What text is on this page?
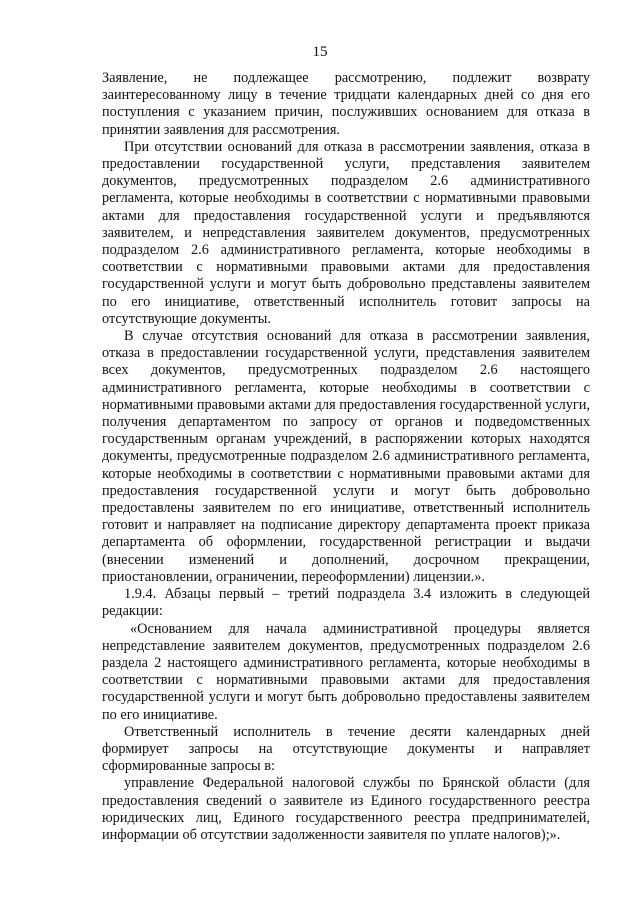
15

Заявление, не подлежащее рассмотрению, подлежит возврату заинтересованному лицу в течение тридцати календарных дней со дня его поступления с указанием причин, послуживших основанием для отказа в принятии заявления для рассмотрения.

При отсутствии оснований для отказа в рассмотрении заявления, отказа в предоставлении государственной услуги, представления заявителем документов, предусмотренных подразделом 2.6 административного регламента, которые необходимы в соответствии с нормативными правовыми актами для предоставления государственной услуги и предъявляются заявителем, и непредставления заявителем документов, предусмотренных подразделом 2.6 административного регламента, которые необходимы в соответствии с нормативными правовыми актами для предоставления государственной услуги и могут быть добровольно представлены заявителем по его инициативе, ответственный исполнитель готовит запросы на отсутствующие документы.

В случае отсутствия оснований для отказа в рассмотрении заявления, отказа в предоставлении государственной услуги, представления заявителем всех документов, предусмотренных подразделом 2.6 настоящего административного регламента, которые необходимы в соответствии с нормативными правовыми актами для предоставления государственной услуги, получения департаментом по запросу от органов и подведомственных государственным органам учреждений, в распоряжении которых находятся документы, предусмотренные подразделом 2.6 административного регламента, которые необходимы в соответствии с нормативными правовыми актами для предоставления государственной услуги и могут быть добровольно предоставлены заявителем по его инициативе, ответственный исполнитель готовит и направляет на подписание директору департамента проект приказа департамента об оформлении, государственной регистрации и выдачи (внесении изменений и дополнений, досрочном прекращении, приостановлении, ограничении, переоформлении) лицензии.».

1.9.4. Абзацы первый – третий подраздела 3.4 изложить в следующей редакции:

«Основанием для начала административной процедуры является непредставление заявителем документов, предусмотренных подразделом 2.6 раздела 2 настоящего административного регламента, которые необходимы в соответствии с нормативными правовыми актами для предоставления государственной услуги и могут быть добровольно предоставлены заявителем по его инициативе.

Ответственный исполнитель в течение десяти календарных дней формирует запросы на отсутствующие документы и направляет сформированные запросы в:

управление Федеральной налоговой службы по Брянской области (для предоставления сведений о заявителе из Единого государственного реестра юридических лиц, Единого государственного реестра предпринимателей, информации об отсутствии задолженности заявителя по уплате налогов);».
